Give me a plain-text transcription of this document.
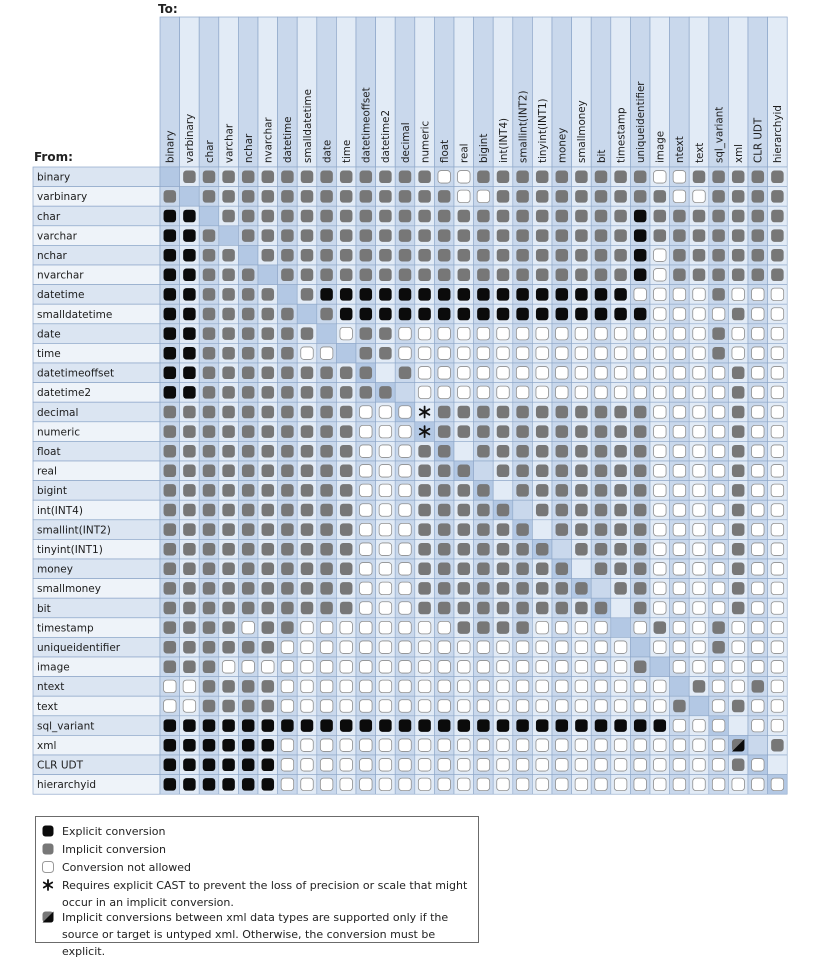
To:
From:	binary varbinary char varchar nchar nvarchar datetime smalldatetime date time datetimeoffset datetime2 decimal numeric float real bigint int(INT4) smallint(INT2) tinyint(INT1) money smallmoney bit timestamp uniqueidentifier image ntext text sql_variant xml CLR UDT hierarchyid
binary
varbinary
char
varchar
nchar
nvarchar
datetime
smalldatetime
date
time
datetimeoffset
datetime2
decimal
numeric
float
real
bigint
int(INT4)
smallint(INT2)
tinyint(INT1)
money
smallmoney
bit
timestamp
uniqueidentifier
image
ntext
text
sql_variant
xml
CLR UDT
hierarchyid
Explicit conversion
Implicit conversion
Conversion not allowed
Requires explicit CAST to prevent the loss of precision or scale that might occur in an implicit conversion.
Implicit conversions between xml data types are supported only if the source or target is untyped xml. Otherwise, the conversion must be explicit.
